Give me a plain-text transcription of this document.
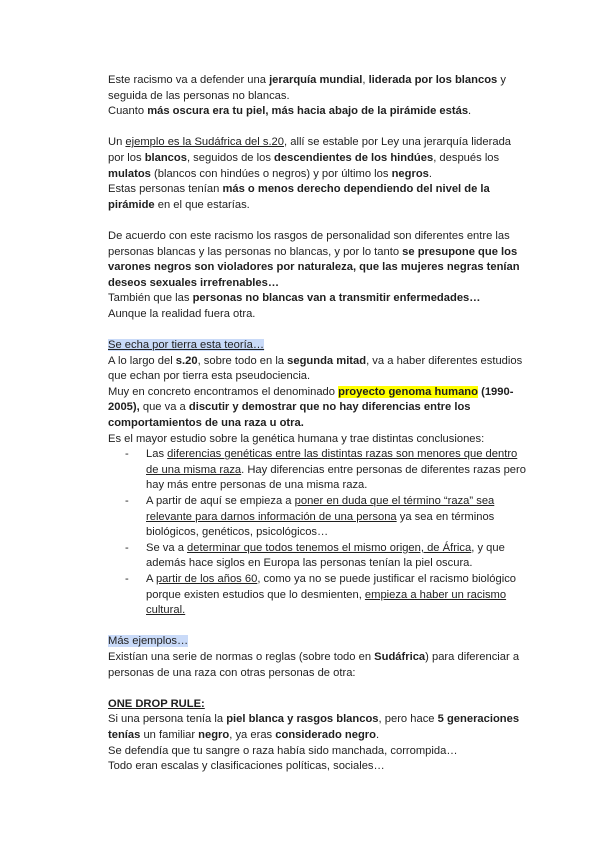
Este racismo va a defender una jerarquía mundial, liderada por los blancos y seguida de las personas no blancas.

Cuanto más oscura era tu piel, más hacia abajo de la pirámide estás.

Un ejemplo es la Sudáfrica del s.20, allí se estable por Ley una jerarquía liderada por los blancos, seguidos de los descendientes de los hindúes, después los mulatos (blancos con hindúes o negros) y por último los negros.

Estas personas tenían más o menos derecho dependiendo del nivel de la pirámide en el que estarías.

De acuerdo con este racismo los rasgos de personalidad son diferentes entre las personas blancas y las personas no blancas, y por lo tanto se presupone que los varones negros son violadores por naturaleza, que las mujeres negras tenían deseos sexuales irrefrenables…

También que las personas no blancas van a transmitir enfermedades…

Aunque la realidad fuera otra.

Se echa por tierra esta teoría…

A lo largo del s.20, sobre todo en la segunda mitad, va a haber diferentes estudios que echan por tierra esta pseudociencia.

Muy en concreto encontramos el denominado proyecto genoma humano (1990-2005), que va a discutir y demostrar que no hay diferencias entre los comportamientos de una raza u otra.

Es el mayor estudio sobre la genética humana y trae distintas conclusiones:

- Las diferencias genéticas entre las distintas razas son menores que dentro de una misma raza. Hay diferencias entre personas de diferentes razas pero hay más entre personas de una misma raza.
- A partir de aquí se empieza a poner en duda que el término “raza” sea relevante para darnos información de una persona ya sea en términos biológicos, genéticos, psicológicos…
- Se va a determinar que todos tenemos el mismo origen, de África, y que además hace siglos en Europa las personas tenían la piel oscura.
- A partir de los años 60, como ya no se puede justificar el racismo biológico porque existen estudios que lo desmienten, empieza a haber un racismo cultural.

Más ejemplos…

Existían una serie de normas o reglas (sobre todo en Sudáfrica) para diferenciar a personas de una raza con otras personas de otra:

ONE DROP RULE:

Si una persona tenía la piel blanca y rasgos blancos, pero hace 5 generaciones tenías un familiar negro, ya eras considerado negro.

Se defendía que tu sangre o raza había sido manchada, corrompida…

Todo eran escalas y clasificaciones políticas, sociales…
